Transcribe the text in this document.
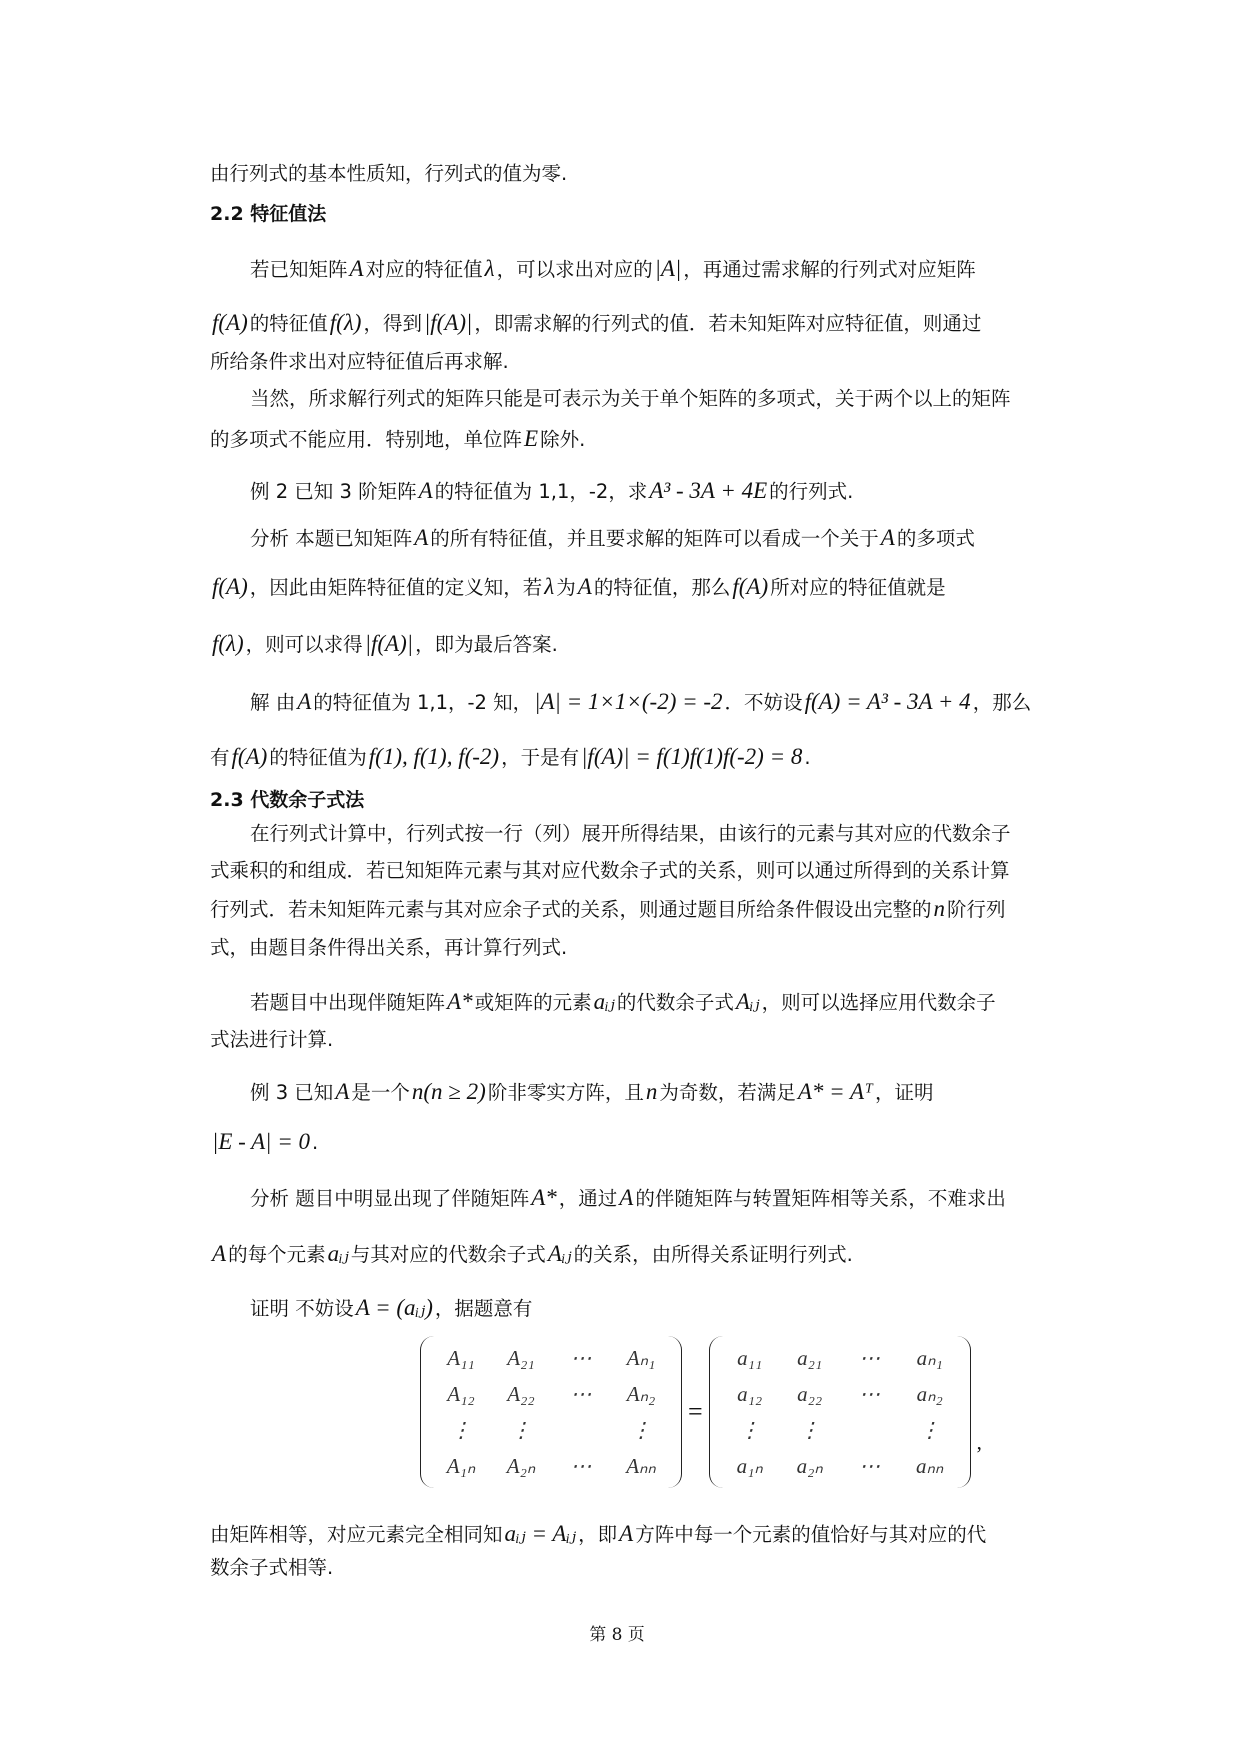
由行列式的基本性质知，行列式的值为零.
2.2 特征值法
若已知矩阵A 对应的特征值λ ，可以求出对应的|A| ，再通过需求解的行列式对应矩阵
f(A) 的特征值f(λ) ，得到|f(A)| ，即需求解的行列式的值．若未知矩阵对应特征值，则通过
所给条件求出对应特征值后再求解.
当然，所求解行列式的矩阵只能是可表示为关于单个矩阵的多项式，关于两个以上的矩阵
的多项式不能应用．特别地，单位阵E 除外.
例 2 已知 3 阶矩阵A 的特征值为 1,1，-2，求A³ - 3A + 4E 的行列式.
分析 本题已知矩阵A 的所有特征值，并且要求解的矩阵可以看成一个关于A 的多项式
f(A) ，因此由矩阵特征值的定义知，若λ 为A 的特征值，那么f(A) 所对应的特征值就是
f(λ) ，则可以求得|f(A)| ，即为最后答案.
解 由A 的特征值为 1,1，-2 知，|A| = 1×1×(-2) = -2 ．不妨设f(A) = A³ - 3A + 4 ，那么
有f(A) 的特征值为f(1), f(1), f(-2) ，于是有|f(A)| = f(1)f(1)f(-2) = 8 .
2.3 代数余子式法
在行列式计算中，行列式按一行（列）展开所得结果，由该行的元素与其对应的代数余子
式乘积的和组成．若已知矩阵元素与其对应代数余子式的关系，则可以通过所得到的关系计算
行列式．若未知矩阵元素与其对应余子式的关系，则通过题目所给条件假设出完整的n 阶行列
式，由题目条件得出关系，再计算行列式.
若题目中出现伴随矩阵A* 或矩阵的元素aᵢⱼ 的代数余子式Aᵢⱼ ，则可以选择应用代数余子
式法进行计算.
例 3 已知A 是一个n(n ≥ 2) 阶非零实方阵，且n 为奇数，若满足A* = Aᵀ ，证明
|E - A| = 0 .
分析 题目中明显出现了伴随矩阵A* ，通过A 的伴随矩阵与转置矩阵相等关系，不难求出
A 的每个元素aᵢⱼ 与其对应的代数余子式Aᵢⱼ 的关系，由所得关系证明行列式.
证明 不妨设A = (aᵢⱼ) ，据题意有
由矩阵相等，对应元素完全相同知aᵢⱼ = Aᵢⱼ ，即A 方阵中每一个元素的值恰好与其对应的代
数余子式相等.
A₁₁	A₂₁	⋯	Aₙ₁
A₁₂	A₂₂	⋯	Aₙ₂
⋮	⋮		⋮
A₁ₙ	A₂ₙ	⋯	Aₙₙ
=
a₁₁	a₂₁	⋯	aₙ₁
a₁₂	a₂₂	⋯	aₙ₂
⋮	⋮		⋮
a₁ₙ	a₂ₙ	⋯	aₙₙ
,
第 8 页
